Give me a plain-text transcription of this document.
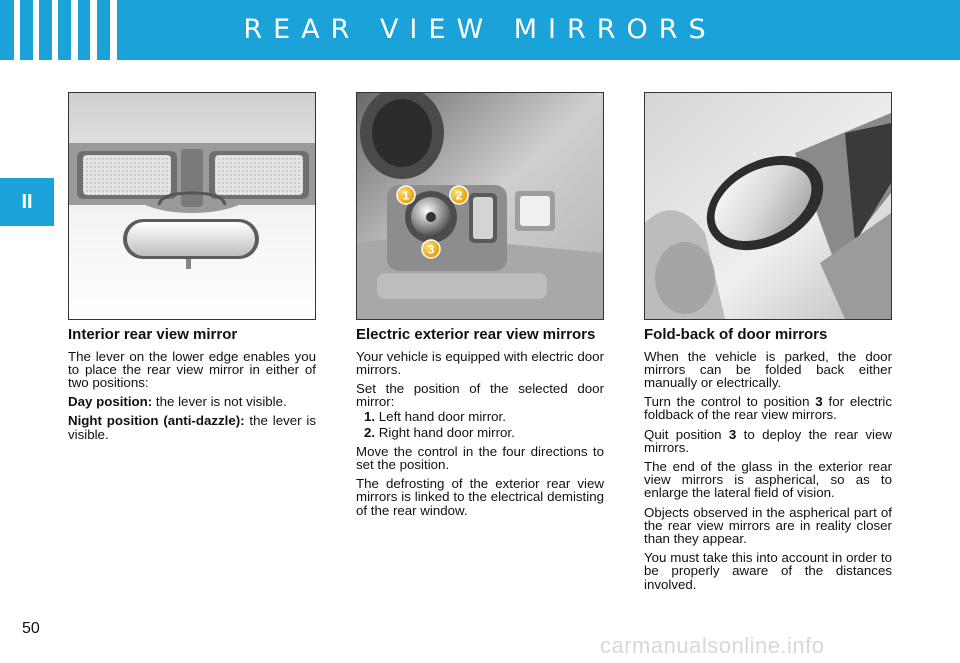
REAR VIEW MIRRORS
II	1	2
3
Interior rear view mirror

The lever on the lower edge enables you to place the rear view mirror in either of two positions:

Day position: the lever is not visible.

Night position (anti-dazzle): the lever is visible.

Electric exterior rear view mirrors

Your vehicle is equipped with electric door mirrors.

Set the position of the selected door mirror:

1. Left hand door mirror.
2. Right hand door mirror.

Move the control in the four directions to set the position.

The defrosting of the exterior rear view mirrors is linked to the electrical demisting of the rear window.

Fold-back of door mirrors

When the vehicle is parked, the door mirrors can be folded back either manually or electrically.

Turn the control to position 3 for electric foldback of the rear view mirrors.

Quit position 3 to deploy the rear view mirrors.

The end of the glass in the exterior rear view mirrors is aspherical, so as to enlarge the lateral field of vision.

Objects observed in the aspherical part of the rear view mirrors are in reality closer than they appear.

You must take this into account in order to be properly aware of the distances involved.

50
carmanualsonline.info
